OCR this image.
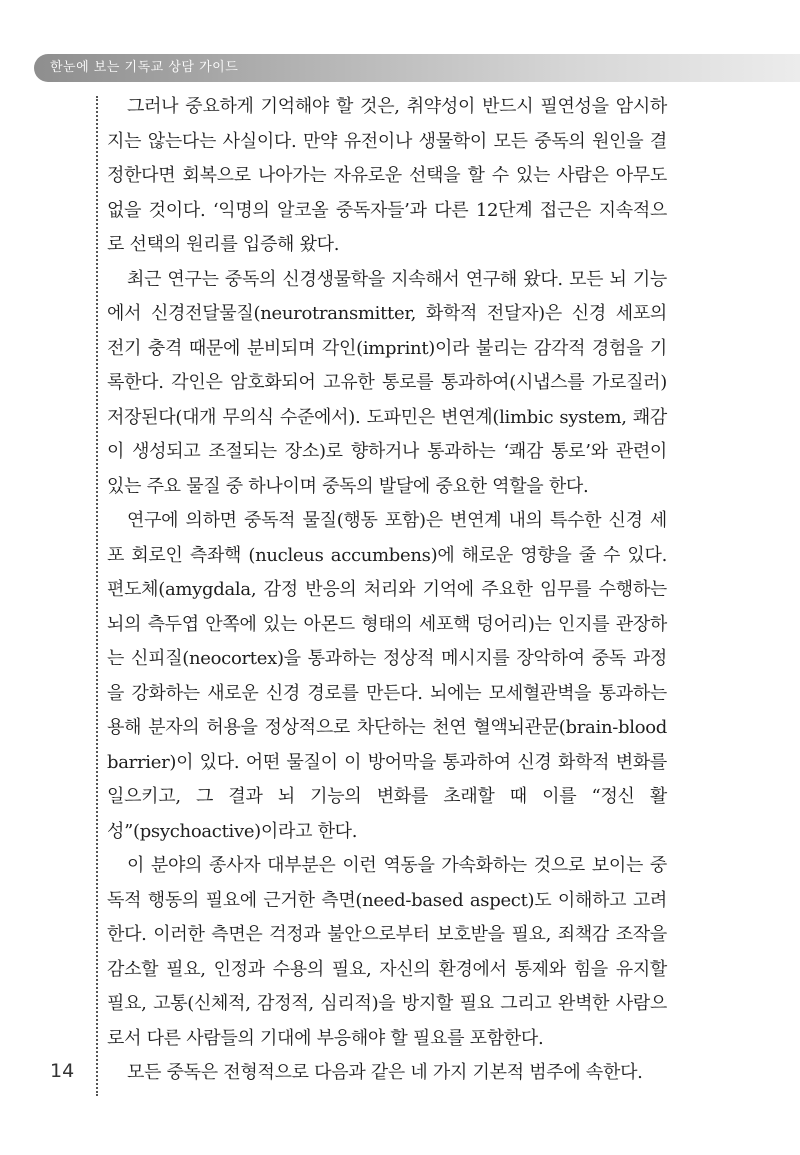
한눈에 보는 기독교 상담 가이드

그러나 중요하게 기억해야 할 것은, 취약성이 반드시 필연성을 암시하지는 않는다는 사실이다. 만약 유전이나 생물학이 모든 중독의 원인을 결정한다면 회복으로 나아가는 자유로운 선택을 할 수 있는 사람은 아무도 없을 것이다. ‘익명의 알코올 중독자들’과 다른 12단계 접근은 지속적으로 선택의 원리를 입증해 왔다.

최근 연구는 중독의 신경생물학을 지속해서 연구해 왔다. 모든 뇌 기능에서 신경전달물질(neurotransmitter, 화학적 전달자)은 신경 세포의 전기 충격 때문에 분비되며 각인(imprint)이라 불리는 감각적 경험을 기록한다. 각인은 암호화되어 고유한 통로를 통과하여(시냅스를 가로질러) 저장된다(대개 무의식 수준에서). 도파민은 변연계(limbic system, 쾌감이 생성되고 조절되는 장소)로 향하거나 통과하는 ‘쾌감 통로’와 관련이 있는 주요 물질 중 하나이며 중독의 발달에 중요한 역할을 한다.

연구에 의하면 중독적 물질(행동 포함)은 변연계 내의 특수한 신경 세포 회로인 측좌핵 (nucleus accumbens)에 해로운 영향을 줄 수 있다. 편도체(amygdala, 감정 반응의 처리와 기억에 주요한 임무를 수행하는 뇌의 측두엽 안쪽에 있는 아몬드 형태의 세포핵 덩어리)는 인지를 관장하는 신피질(neocortex)을 통과하는 정상적 메시지를 장악하여 중독 과정을 강화하는 새로운 신경 경로를 만든다. 뇌에는 모세혈관벽을 통과하는 용해 분자의 허용을 정상적으로 차단하는 천연 혈액뇌관문(brain-blood barrier)이 있다. 어떤 물질이 이 방어막을 통과하여 신경 화학적 변화를 일으키고, 그 결과 뇌 기능의 변화를 초래할 때 이를 “정신 활성”(psychoactive)이라고 한다.

이 분야의 종사자 대부분은 이런 역동을 가속화하는 것으로 보이는 중독적 행동의 필요에 근거한 측면(need-based aspect)도 이해하고 고려한다. 이러한 측면은 걱정과 불안으로부터 보호받을 필요, 죄책감 조작을 감소할 필요, 인정과 수용의 필요, 자신의 환경에서 통제와 힘을 유지할 필요, 고통(신체적, 감정적, 심리적)을 방지할 필요 그리고 완벽한 사람으로서 다른 사람들의 기대에 부응해야 할 필요를 포함한다.

모든 중독은 전형적으로 다음과 같은 네 가지 기본적 범주에 속한다.

14
